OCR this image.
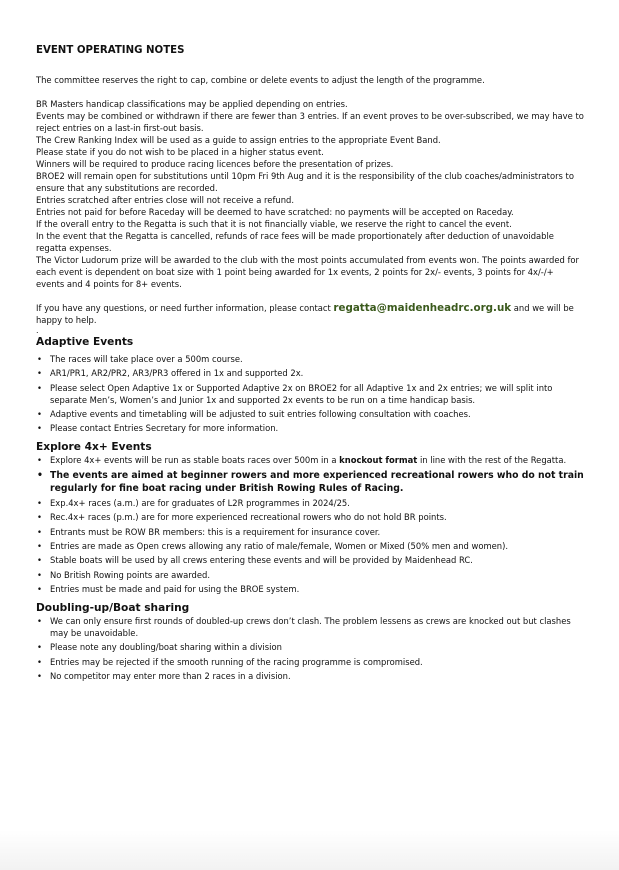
EVENT OPERATING NOTES

The committee reserves the right to cap, combine or delete events to adjust the length of the programme.

BR Masters handicap classifications may be applied depending on entries.

Events may be combined or withdrawn if there are fewer than 3 entries. If an event proves to be over-subscribed, we may have to reject entries on a last-in first-out basis.

The Crew Ranking Index will be used as a guide to assign entries to the appropriate Event Band.

Please state if you do not wish to be placed in a higher status event.

Winners will be required to produce racing licences before the presentation of prizes.

BROE2 will remain open for substitutions until 10pm Fri 9th Aug and it is the responsibility of the club coaches/administrators to ensure that any substitutions are recorded.

Entries scratched after entries close will not receive a refund.

Entries not paid for before Raceday will be deemed to have scratched: no payments will be accepted on Raceday.

If the overall entry to the Regatta is such that it is not financially viable, we reserve the right to cancel the event.

In the event that the Regatta is cancelled, refunds of race fees will be made proportionately after deduction of unavoidable regatta expenses.

The Victor Ludorum prize will be awarded to the club with the most points accumulated from events won. The points awarded for each event is dependent on boat size with 1 point being awarded for 1x events, 2 points for 2x/- events, 3 points for 4x/-/+ events and 4 points for 8+ events.

If you have any questions, or need further information, please contact regatta@maidenheadrc.org.uk and we will be happy to help.

.

Adaptive Events

• The races will take place over a 500m course.
• AR1/PR1, AR2/PR2, AR3/PR3 offered in 1x and supported 2x.
• Please select Open Adaptive 1x or Supported Adaptive 2x on BROE2 for all Adaptive 1x and 2x entries; we will split into separate Men’s, Women’s and Junior 1x and supported 2x events to be run on a time handicap basis.
• Adaptive events and timetabling will be adjusted to suit entries following consultation with coaches.
• Please contact Entries Secretary for more information.

Explore 4x+ Events

• Explore 4x+ events will be run as stable boats races over 500m in a knockout format in line with the rest of the Regatta.
• The events are aimed at beginner rowers and more experienced recreational rowers who do not train regularly for fine boat racing under British Rowing Rules of Racing.
• Exp.4x+ races (a.m.) are for graduates of L2R programmes in 2024/25.
• Rec.4x+ races (p.m.) are for more experienced recreational rowers who do not hold BR points.
• Entrants must be ROW BR members: this is a requirement for insurance cover.
• Entries are made as Open crews allowing any ratio of male/female, Women or Mixed (50% men and women).
• Stable boats will be used by all crews entering these events and will be provided by Maidenhead RC.
• No British Rowing points are awarded.
• Entries must be made and paid for using the BROE system.

Doubling-up/Boat sharing

• We can only ensure first rounds of doubled-up crews don’t clash. The problem lessens as crews are knocked out but clashes may be unavoidable.
• Please note any doubling/boat sharing within a division
• Entries may be rejected if the smooth running of the racing programme is compromised.
• No competitor may enter more than 2 races in a division.
